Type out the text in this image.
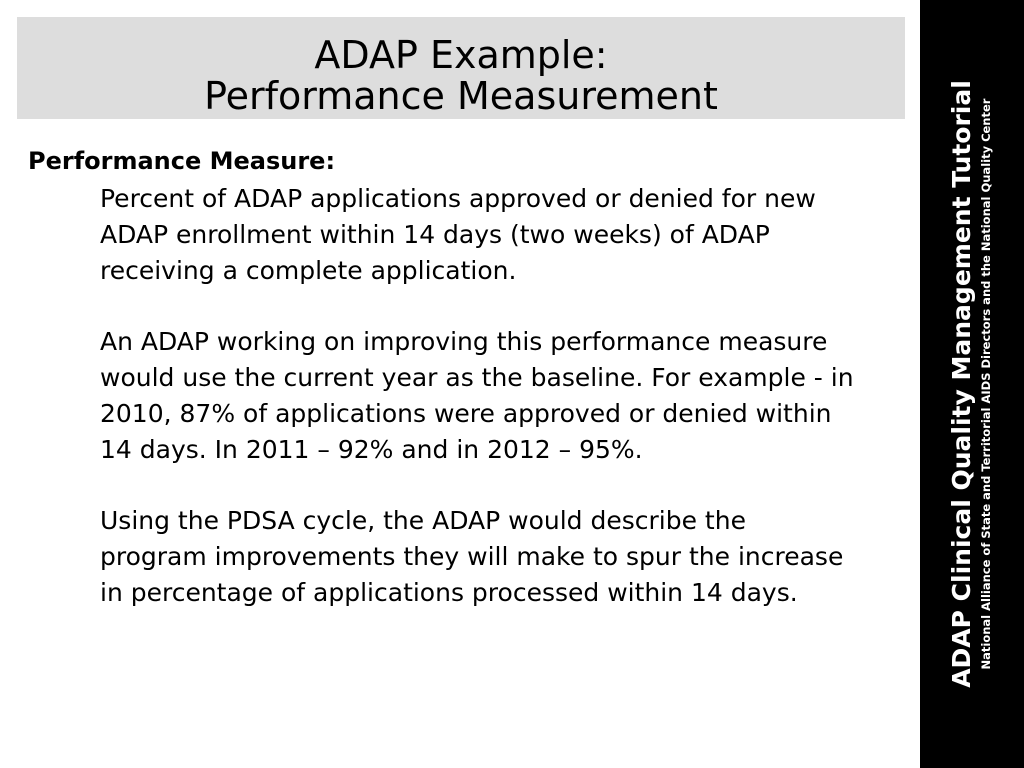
ADAP Example:
Performance Measurement

Performance Measure:

Percent of ADAP applications approved or denied for new ADAP enrollment within 14 days (two weeks) of ADAP receiving a complete application.

An ADAP working on improving this performance measure would use the current year as the baseline. For example - in 2010, 87% of applications were approved or denied within 14 days. In 2011 – 92% and in 2012 – 95%.

Using the PDSA cycle, the ADAP would describe the program improvements they will make to spur the increase in percentage of applications processed within 14 days.	ADAP Clinical Quality Management Tutorial National Alliance of State and Territorial AIDS Directors and the National Quality Center
